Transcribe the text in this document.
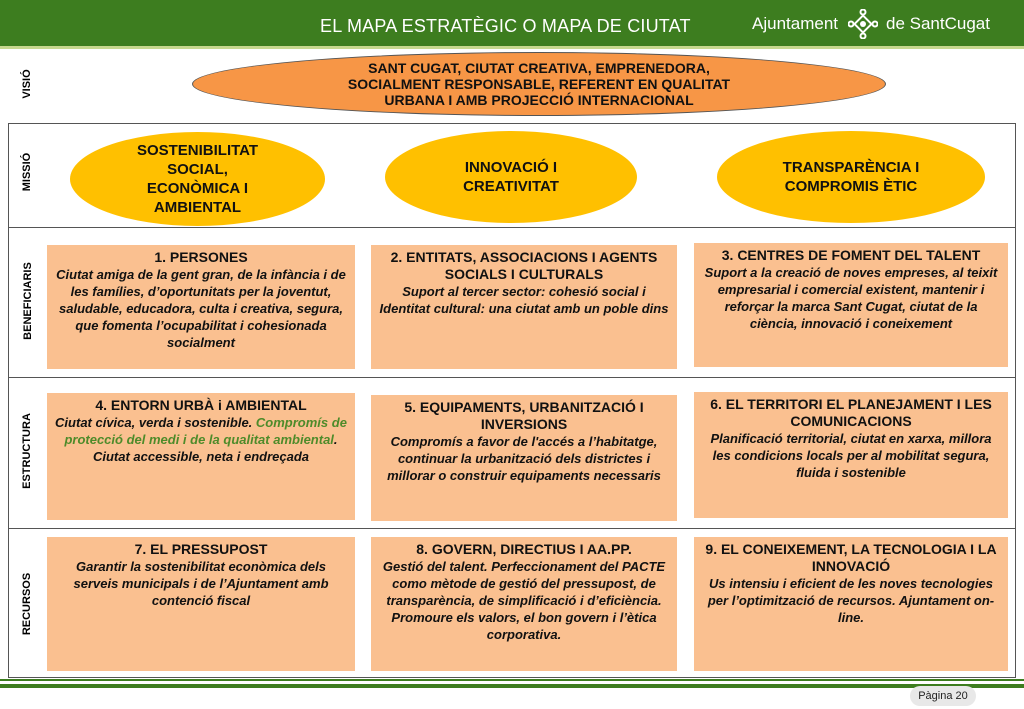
EL MAPA ESTRATÈGIC O MAPA DE CIUTAT	Ajuntament	de SantCugat
VISIÓ
MISSIÓ
BENEFICIARIS
ESTRUCTURA
RECURSOS
SANT CUGAT, CIUTAT CREATIVA, EMPRENEDORA,
SOCIALMENT RESPONSABLE, REFERENT EN QUALITAT
URBANA I AMB PROJECCIÓ INTERNACIONAL
SOSTENIBILITAT
SOCIAL,
ECONÒMICA I
AMBIENTAL
INNOVACIÓ I
CREATIVITAT
TRANSPARÈNCIA I
COMPROMIS ÈTIC
1. PERSONES
Ciutat amiga de la gent gran, de la infància i de les famílies, d’oportunitats per la joventut, saludable, educadora, culta i creativa, segura, que fomenta l’ocupabilitat i cohesionada socialment
2. ENTITATS, ASSOCIACIONS I AGENTS SOCIALS I CULTURALS
Suport al tercer sector: cohesió social i Identitat cultural: una ciutat amb un poble dins
3. CENTRES DE FOMENT DEL TALENT
Suport a la creació de noves empreses, al teixit empresarial i comercial existent, mantenir i reforçar la marca Sant Cugat, ciutat de la ciència, innovació i coneixement
4. ENTORN URBÀ i AMBIENTAL
Ciutat cívica, verda i sostenible. Compromís de protecció del medi i de la qualitat ambiental. Ciutat accessible, neta i endreçada
5. EQUIPAMENTS, URBANITZACIÓ I INVERSIONS
Compromís a favor de l'accés a l’habitatge, continuar la urbanització dels districtes i millorar o construir equipaments necessaris
6. EL TERRITORI EL PLANEJAMENT I LES COMUNICACIONS
Planificació territorial, ciutat en xarxa, millora les condicions locals per al mobilitat segura, fluida i sostenible
7. EL PRESSUPOST
Garantir la sostenibilitat econòmica dels serveis municipals i de l’Ajuntament amb contenció fiscal
8. GOVERN, DIRECTIUS I AA.PP.
Gestió del talent. Perfeccionament del PACTE como mètode de gestió del pressupost, de transparència, de simplificació i d’eficiència. Promoure els valors, el bon govern i l’ètica corporativa.
9. EL CONEIXEMENT, LA TECNOLOGIA I LA INNOVACIÓ
Us intensiu i eficient de les noves tecnologies per l’optimització de recursos. Ajuntament on-line.
Pàgina 20
